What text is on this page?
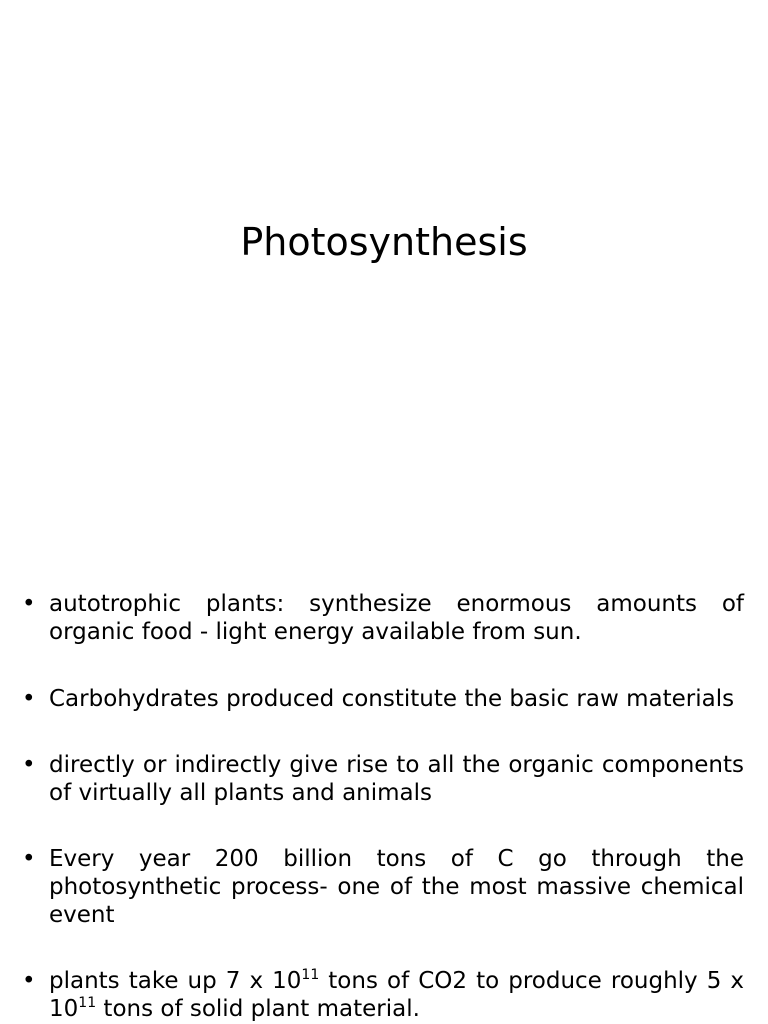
Photosynthesis
• autotrophic plants: synthesize enormous amounts of organic food - light energy available from sun.
• Carbohydrates produced constitute the basic raw materials
• directly or indirectly give rise to all the organic components of virtually all plants and animals
• Every year 200 billion tons of C go through the photosynthetic process- one of the most massive chemical event
• plants take up 7 x $10^{11}$ tons of CO2 to produce roughly 5 x $10^{11}$ tons of solid plant material.
